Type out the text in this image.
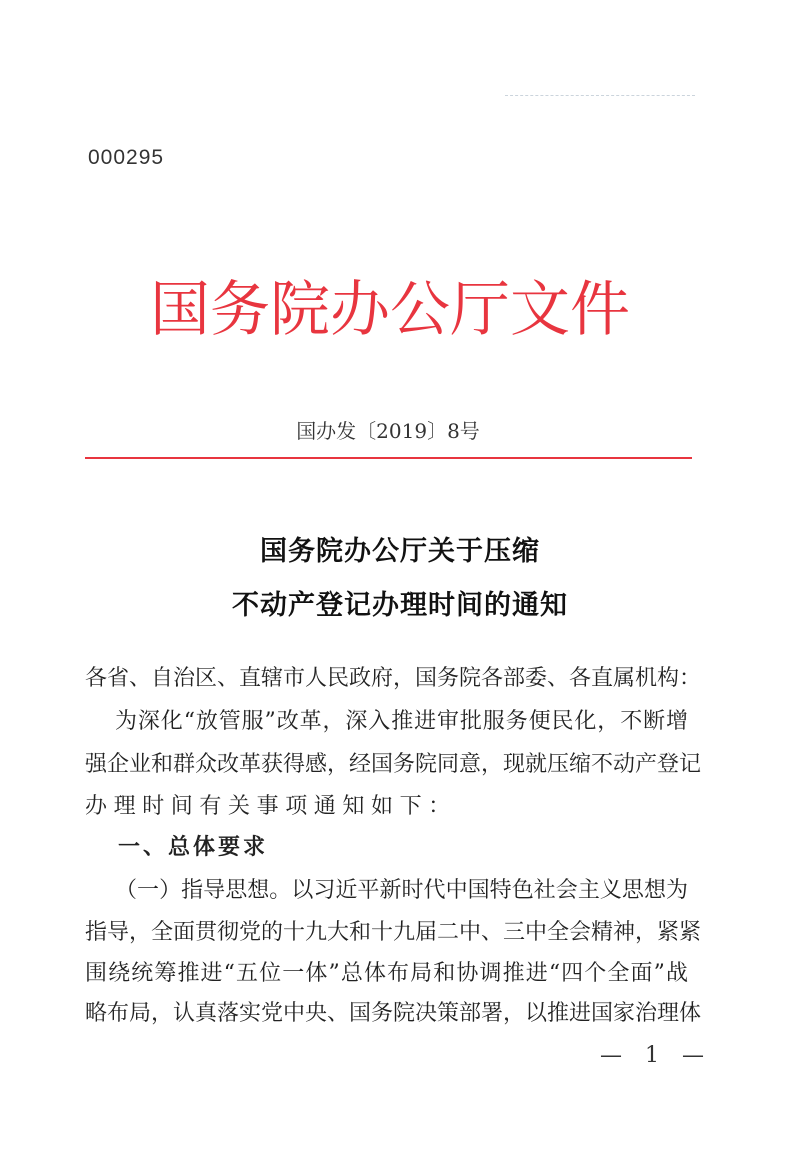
000295
国务院办公厅文件
国办发〔2019〕8号
国务院办公厅关于压缩
不动产登记办理时间的通知
各省、自治区、直辖市人民政府，国务院各部委、各直属机构：
为深化“放管服”改革，深入推进审批服务便民化，不断增
强企业和群众改革获得感，经国务院同意，现就压缩不动产登记
办理时间有关事项通知如下：
一、总体要求
（一）指导思想。以习近平新时代中国特色社会主义思想为
指导，全面贯彻党的十九大和十九届二中、三中全会精神，紧紧
围绕统筹推进“五位一体”总体布局和协调推进“四个全面”战
略布局，认真落实党中央、国务院决策部署，以推进国家治理体
— 1 —
